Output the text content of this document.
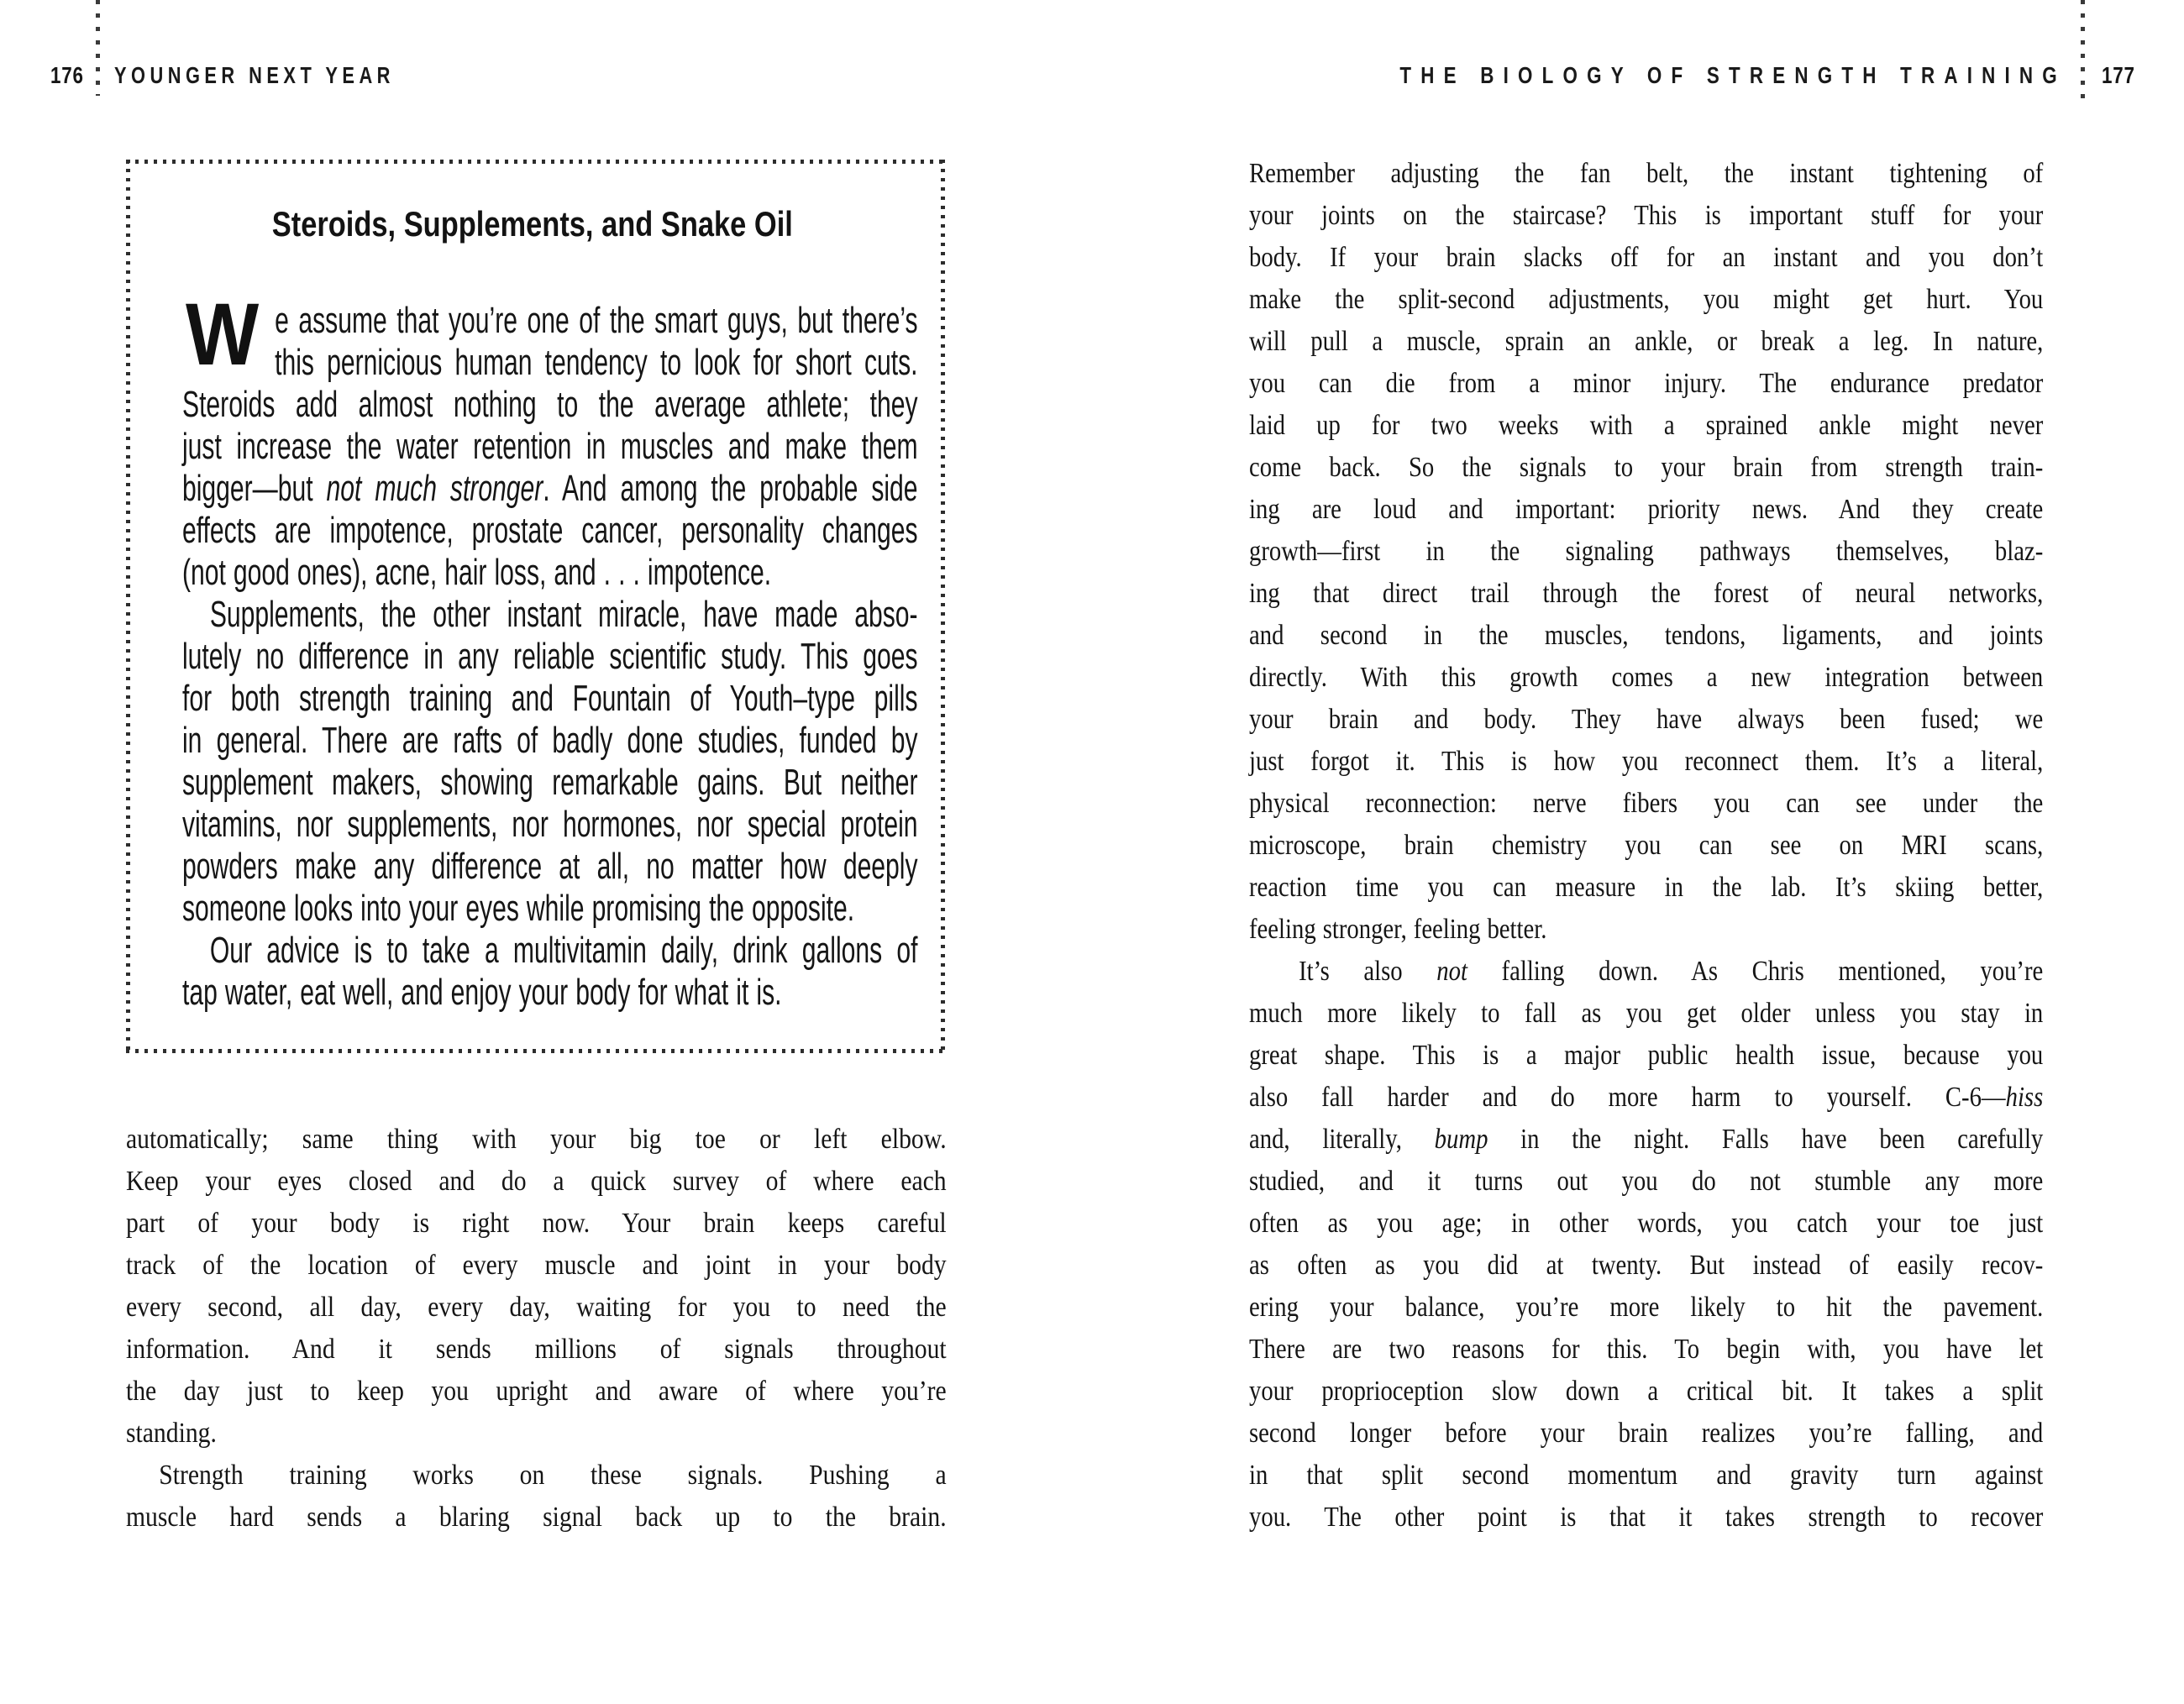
176 YOUNGER NEXT YEAR	THE BIOLOGY OF STRENGTH TRAINING 177
Steroids, Supplements, and Snake Oil
W e assume that you’re one of the smart guys, but there’s
this pernicious human tendency to look for short cuts.
Steroids add almost nothing to the average athlete; they
just increase the water retention in muscles and make them
bigger—but not much stronger. And among the probable side
effects are impotence, prostate cancer, personality changes
(not good ones), acne, hair loss, and . . . impotence.
Supplements, the other instant miracle, have made abso-
lutely no difference in any reliable scientific study. This goes
for both strength training and Fountain of Youth–type pills
in general. There are rafts of badly done studies, funded by
supplement makers, showing remarkable gains. But neither
vitamins, nor supplements, nor hormones, nor special protein
powders make any difference at all, no matter how deeply
someone looks into your eyes while promising the opposite.
Our advice is to take a multivitamin daily, drink gallons of
tap water, eat well, and enjoy your body for what it is.
automatically; same thing with your big toe or left elbow.
Keep your eyes closed and do a quick survey of where each
part of your body is right now. Your brain keeps careful
track of the location of every muscle and joint in your body
every second, all day, every day, waiting for you to need the
information. And it sends millions of signals throughout
the day just to keep you upright and aware of where you’re
standing.
Strength training works on these signals. Pushing a
muscle hard sends a blaring signal back up to the brain.
Remember adjusting the fan belt, the instant tightening of
your joints on the staircase? This is important stuff for your
body. If your brain slacks off for an instant and you don’t
make the split-second adjustments, you might get hurt. You
will pull a muscle, sprain an ankle, or break a leg. In nature,
you can die from a minor injury. The endurance predator
laid up for two weeks with a sprained ankle might never
come back. So the signals to your brain from strength train-
ing are loud and important: priority news. And they create
growth—first in the signaling pathways themselves, blaz-
ing that direct trail through the forest of neural networks,
and second in the muscles, tendons, ligaments, and joints
directly. With this growth comes a new integration between
your brain and body. They have always been fused; we
just forgot it. This is how you reconnect them. It’s a literal,
physical reconnection: nerve fibers you can see under the
microscope, brain chemistry you can see on MRI scans,
reaction time you can measure in the lab. It’s skiing better,
feeling stronger, feeling better.
It’s also not falling down. As Chris mentioned, you’re
much more likely to fall as you get older unless you stay in
great shape. This is a major public health issue, because you
also fall harder and do more harm to yourself. C-6—hiss
and, literally, bump in the night. Falls have been carefully
studied, and it turns out you do not stumble any more
often as you age; in other words, you catch your toe just
as often as you did at twenty. But instead of easily recov-
ering your balance, you’re more likely to hit the pavement.
There are two reasons for this. To begin with, you have let
your proprioception slow down a critical bit. It takes a split
second longer before your brain realizes you’re falling, and
in that split second momentum and gravity turn against
you. The other point is that it takes strength to recover
